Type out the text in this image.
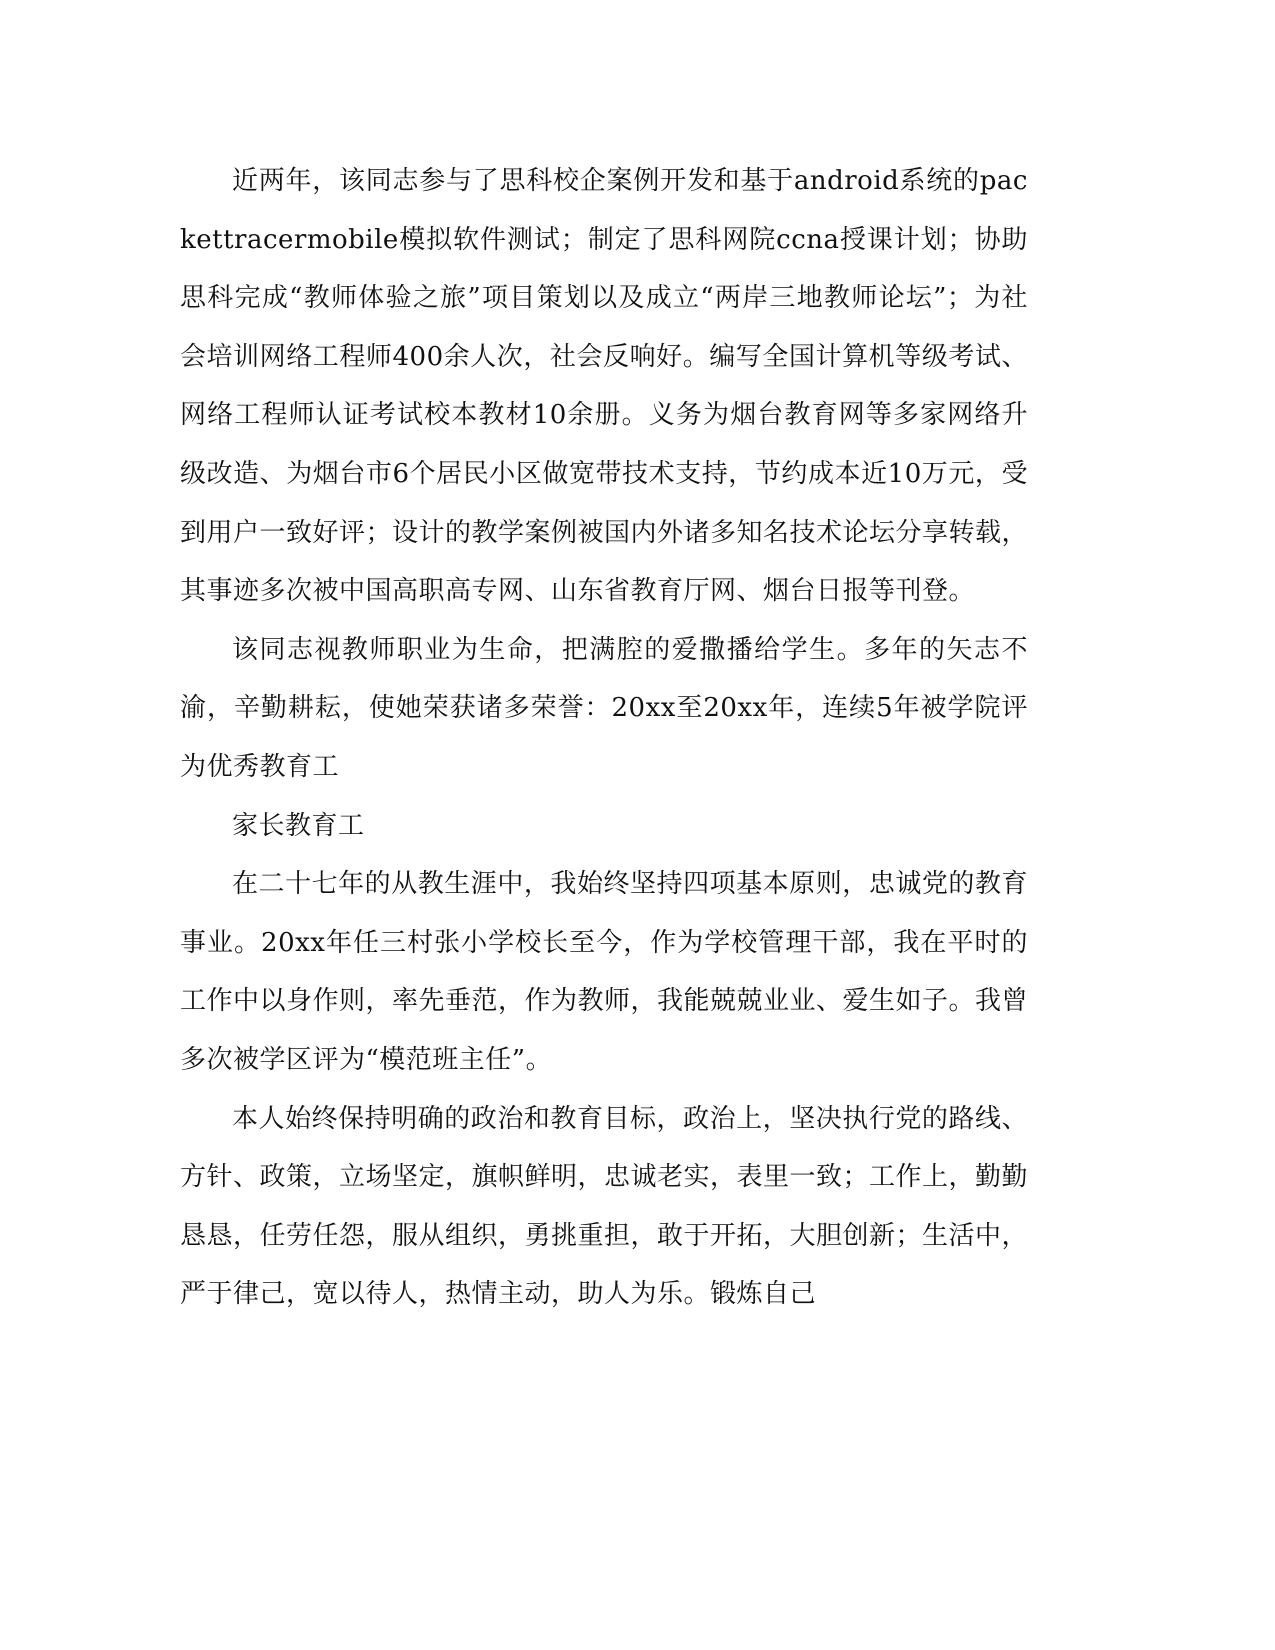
近两年，该同志参与了思科校企案例开发和基于android系统的packettracermobile模拟软件测试；制定了思科网院ccna授课计划；协助思科完成“教师体验之旅”项目策划以及成立“两岸三地教师论坛”；为社会培训网络工程师400余人次，社会反响好。编写全国计算机等级考试、网络工程师认证考试校本教材10余册。义务为烟台教育网等多家网络升级改造、为烟台市6个居民小区做宽带技术支持，节约成本近10万元，受到用户一致好评；设计的教学案例被国内外诸多知名技术论坛分享转载，其事迹多次被中国高职高专网、山东省教育厅网、烟台日报等刊登。

该同志视教师职业为生命，把满腔的爱撒播给学生。多年的矢志不渝，辛勤耕耘，使她荣获诸多荣誉：20xx至20xx年，连续5年被学院评为优秀教育工

家长教育工

在二十七年的从教生涯中，我始终坚持四项基本原则，忠诚党的教育事业。20xx年任三村张小学校长至今，作为学校管理干部，我在平时的工作中以身作则，率先垂范，作为教师，我能兢兢业业、爱生如子。我曾多次被学区评为“模范班主任”。

本人始终保持明确的政治和教育目标，政治上，坚决执行党的路线、方针、政策，立场坚定，旗帜鲜明，忠诚老实，表里一致；工作上，勤勤恳恳，任劳任怨，服从组织，勇挑重担，敢于开拓，大胆创新；生活中，严于律己，宽以待人，热情主动，助人为乐。锻炼自己
